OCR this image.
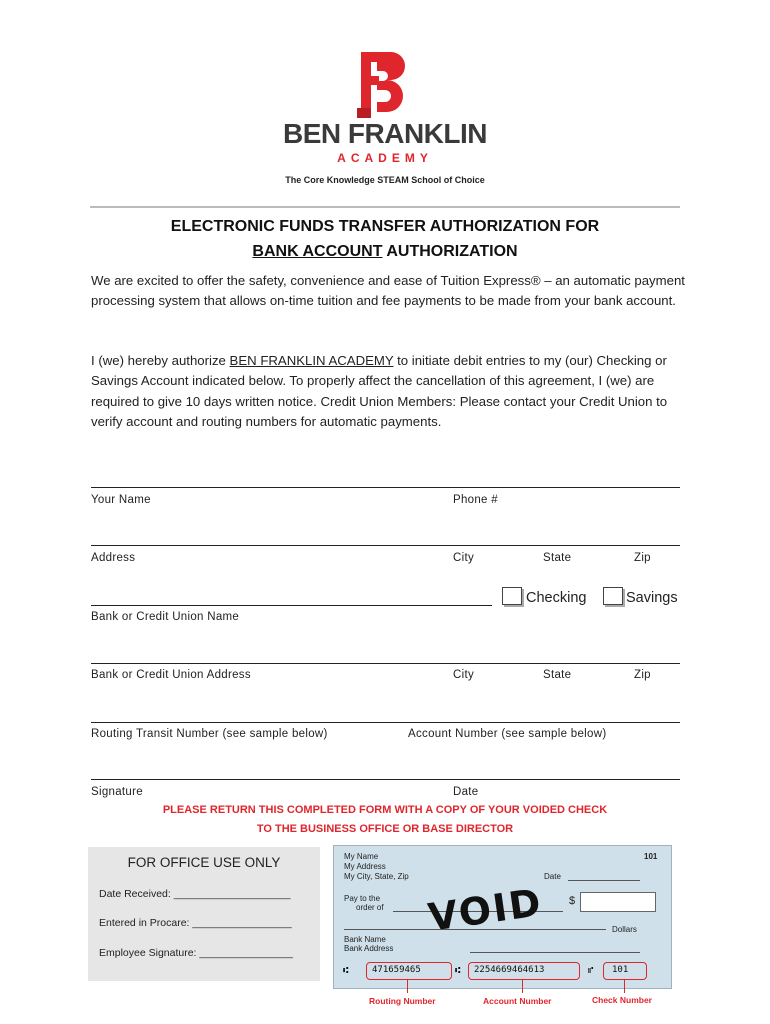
BEN FRANKLIN
ACADEMY
The Core Knowledge STEAM School of Choice
ELECTRONIC FUNDS TRANSFER AUTHORIZATION FOR
BANK ACCOUNT AUTHORIZATION
We are excited to offer the safety, convenience and ease of Tuition Express® – an automatic payment processing system that allows on-time tuition and fee payments to be made from your bank account.
I (we) hereby authorize BEN FRANKLIN ACADEMY to initiate debit entries to my (our) Checking or Savings Account indicated below. To properly affect the cancellation of this agreement, I (we) are required to give 10 days written notice. Credit Union Members: Please contact your Credit Union to verify account and routing numbers for automatic payments.
Your Name	Phone #
Address	City	State	Zip
Checking	Savings
Bank or Credit Union Name
Bank or Credit Union Address	City	State	Zip
Routing Transit Number (see sample below)	Account Number (see sample below)
Signature	Date
PLEASE RETURN THIS COMPLETED FORM WITH A COPY OF YOUR VOIDED CHECK
TO THE BUSINESS OFFICE OR BASE DIRECTOR
FOR OFFICE USE ONLY
Date Received: ____________________
Entered in Procare: _________________
Employee Signature: ________________
My Name
My Address
My City, State, Zip
101
Date
Pay to the
order of
$
VOID	Dollars
Bank Name
Bank Address
⑆	471659465	⑆ 2254669464613	⑈ 101
Routing Number	Account Number	Check Number
